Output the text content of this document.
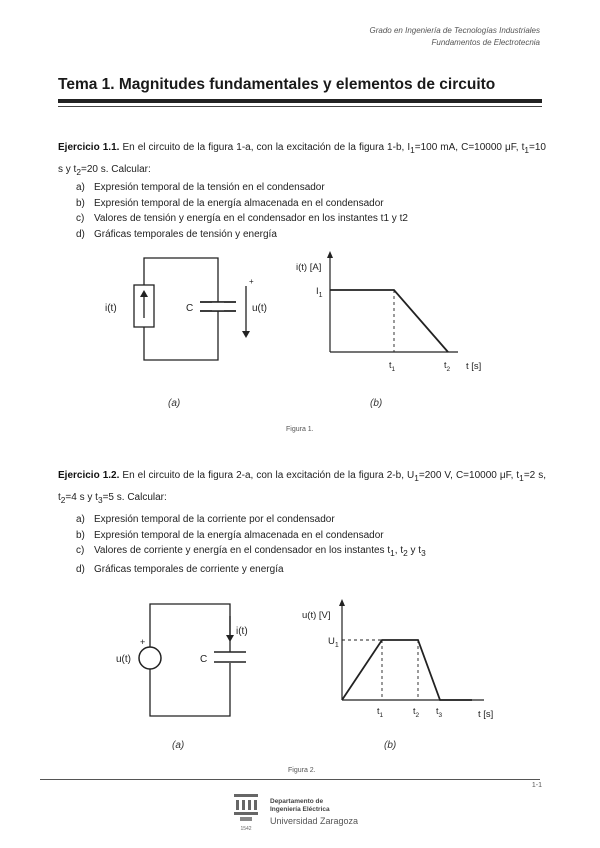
Grado en Ingeniería de Tecnologías Industriales
Fundamentos de Electrotecnia
Tema 1. Magnitudes fundamentales y elementos de circuito
Ejercicio 1.1. En el circuito de la figura 1-a, con la excitación de la figura 1-b, $I_1=100$ mA, C=10000 μF, $t_1=10$ s y $t_2=20$ s. Calcular:
a) Expresión temporal de la tensión en el condensador
b) Expresión temporal de la energía almacenada en el condensador
c) Valores de tensión y energía en el condensador en los instantes t1 y t2
d) Gráficas temporales de tensión y energía
i(t)	C	u(t)
+
i(t) [A]
$I_1$
$t_1$	$t_2$ t [s]
(a)	(b)
Figura 1.
Ejercicio 1.2. En el circuito de la figura 2-a, con la excitación de la figura 2-b, $U_1=200$ V, C=10000 μF, $t_1=2$ s, $t_2=4$ s y $t_3=5$ s. Calcular:
a) Expresión temporal de la corriente por el condensador
b) Expresión temporal de la energía almacenada en el condensador
c) Valores de corriente y energía en el condensador en los instantes $t_1$, $t_2$ y $t_3$
d) Gráficas temporales de corriente y energía
+
u(t)	C
i(t)
u(t) [V]
$U_1$
$t_1$	$t_2$ $t_3$	t [s]
(a)	(b)
Figura 2.
1-1
1542
Departamento de
Ingeniería Eléctrica
Universidad Zaragoza
